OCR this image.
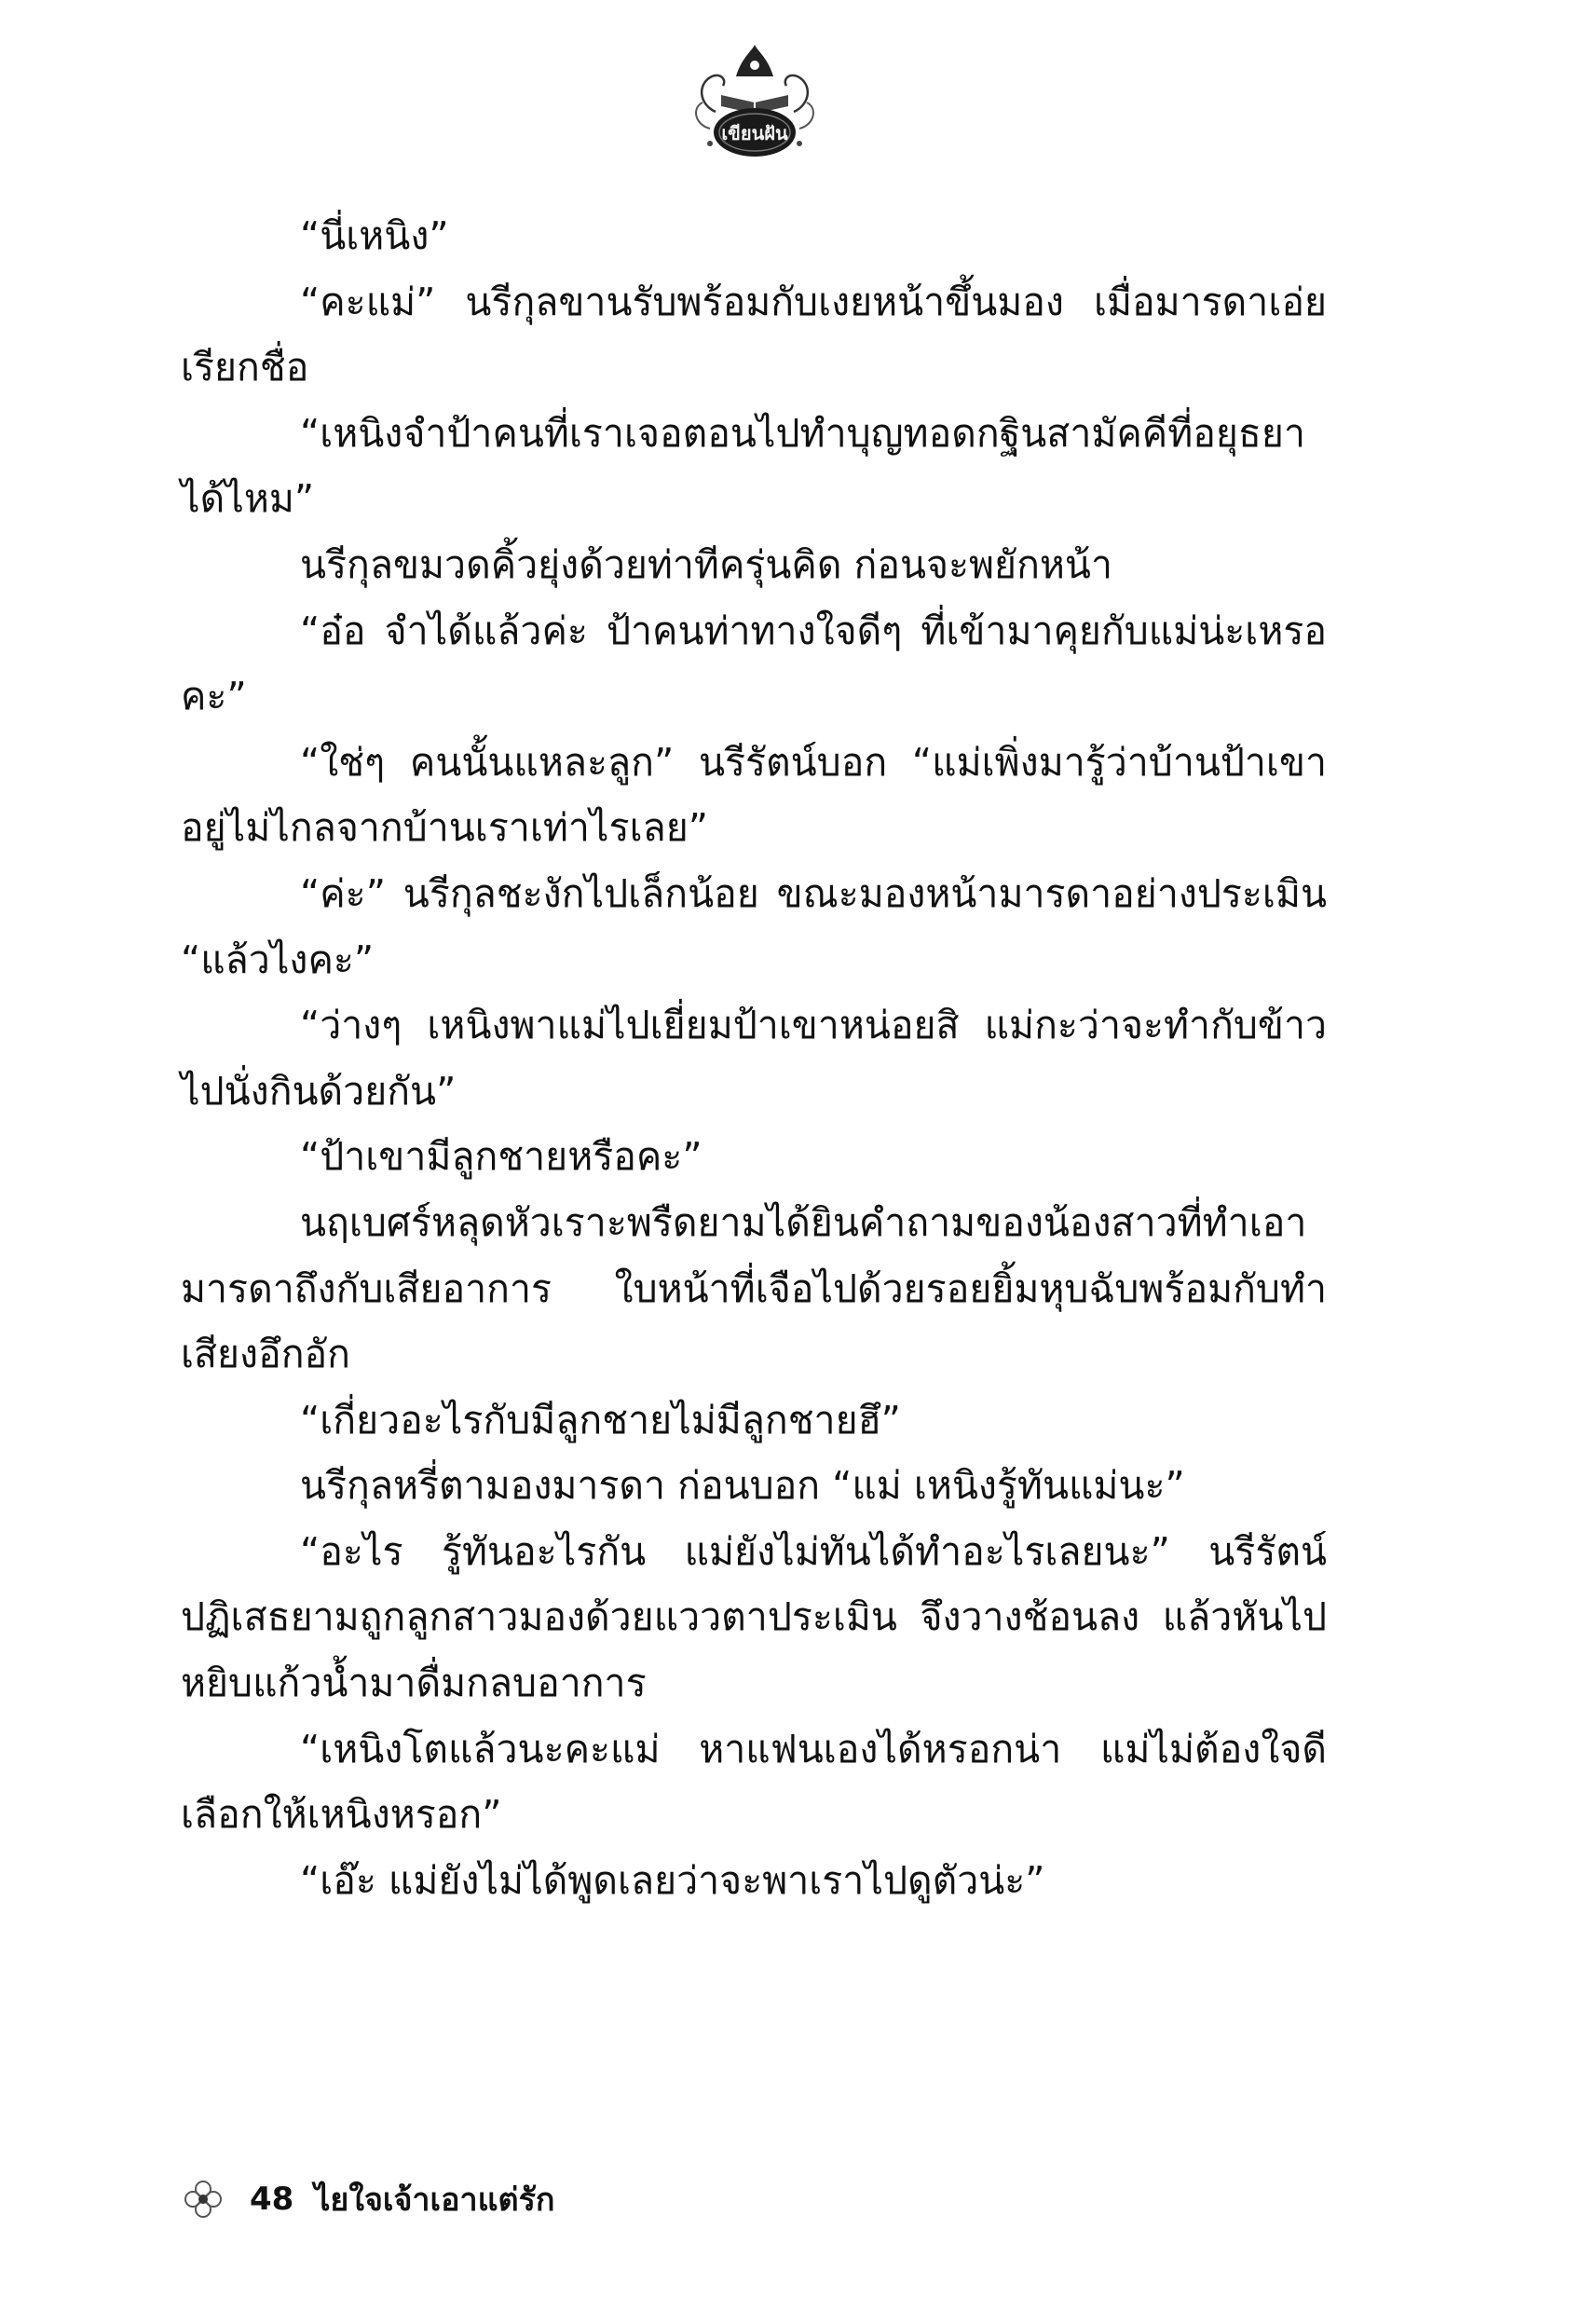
เขียนฝัน

“นี่เหนิง”

“คะแม่” นรีกุลขานรับพร้อมกับเงยหน้าขึ้นมอง เมื่อมารดาเอ่ยเรียกชื่อ

“เหนิงจำป้าคนที่เราเจอตอนไปทำบุญทอดกฐินสามัคคีที่อยุธยาได้ไหม”

นรีกุลขมวดคิ้วยุ่งด้วยท่าทีครุ่นคิด ก่อนจะพยักหน้า

“อ๋อ จำได้แล้วค่ะ ป้าคนท่าทางใจดีๆ ที่เข้ามาคุยกับแม่น่ะเหรอคะ”

“ใช่ๆ คนนั้นแหละลูก” นรีรัตน์บอก “แม่เพิ่งมารู้ว่าบ้านป้าเขาอยู่ไม่ไกลจากบ้านเราเท่าไรเลย”

“ค่ะ” นรีกุลชะงักไปเล็กน้อย ขณะมองหน้ามารดาอย่างประเมิน “แล้วไงคะ”

“ว่างๆ เหนิงพาแม่ไปเยี่ยมป้าเขาหน่อยสิ แม่กะว่าจะทำกับข้าวไปนั่งกินด้วยกัน”

“ป้าเขามีลูกชายหรือคะ”

นฤเบศร์หลุดหัวเราะพรืดยามได้ยินคำถามของน้องสาวที่ทำเอามารดาถึงกับเสียอาการ ใบหน้าที่เจือไปด้วยรอยยิ้มหุบฉับพร้อมกับทำเสียงอึกอัก

“เกี่ยวอะไรกับมีลูกชายไม่มีลูกชายฮึ”

นรีกุลหรี่ตามองมารดา ก่อนบอก “แม่ เหนิงรู้ทันแม่นะ”

“อะไร รู้ทันอะไรกัน แม่ยังไม่ทันได้ทำอะไรเลยนะ” นรีรัตน์ปฏิเสธยามถูกลูกสาวมองด้วยแววตาประเมิน จึงวางช้อนลง แล้วหันไปหยิบแก้วน้ำมาดื่มกลบอาการ

“เหนิงโตแล้วนะคะแม่ หาแฟนเองได้หรอกน่า แม่ไม่ต้องใจดีเลือกให้เหนิงหรอก”

“เอ๊ะ แม่ยังไม่ได้พูดเลยว่าจะพาเราไปดูตัวน่ะ”

48 ไยใจเจ้าเอาแต่รัก
